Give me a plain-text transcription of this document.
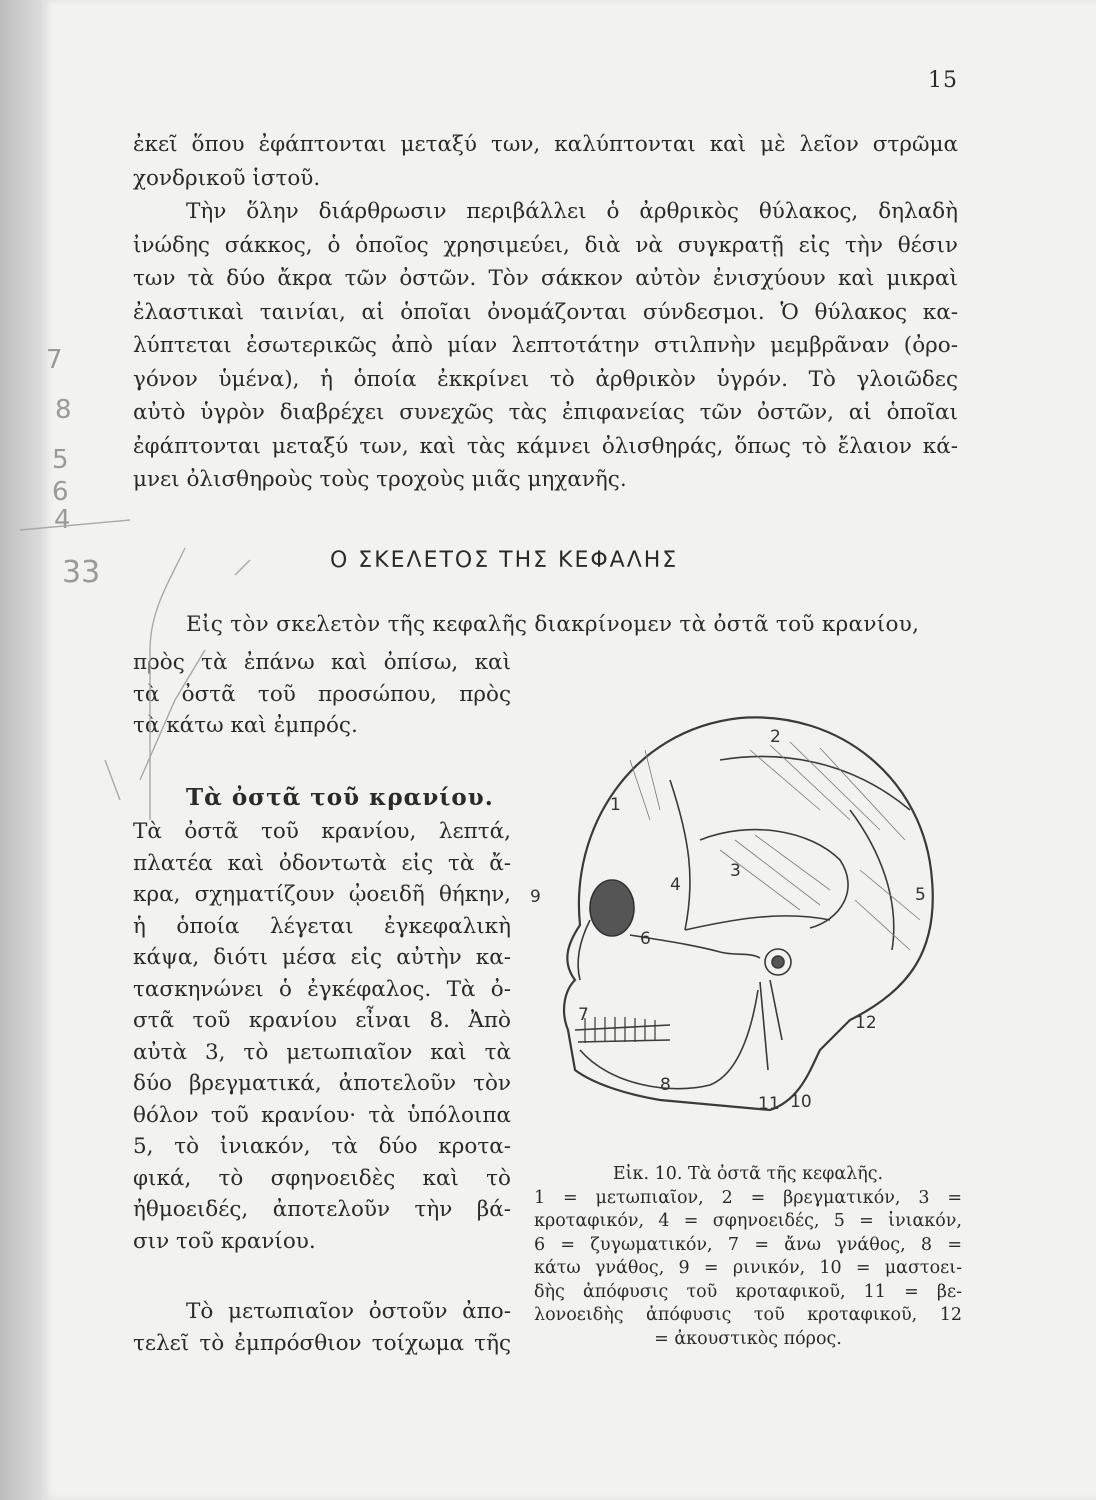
15
ἐκεῖ ὅπου ἐφάπτονται μεταξύ των, καλύπτονται καὶ μὲ λεῖον στρῶμα
χονδρικοῦ ἱστοῦ.
Τὴν ὅλην διάρθρωσιν περιβάλλει ὁ ἀρθρικὸς θύλακος, δηλαδὴ
ἰνώδης σάκκος, ὁ ὁποῖος χρησιμεύει, διὰ νὰ συγκρατῇ εἰς τὴν θέσιν
των τὰ δύο ἄκρα τῶν ὀστῶν. Τὸν σάκκον αὐτὸν ἐνισχύουν καὶ μικραὶ
ἐλαστικαὶ ταινίαι, αἱ ὁποῖαι ὀνομάζονται σύνδεσμοι. Ὁ θύλακος κα-
λύπτεται ἐσωτερικῶς ἀπὸ μίαν λεπτοτάτην στιλπνὴν μεμβρᾶναν (ὀρο-
γόνον ὑμένα), ἡ ὁποία ἐκκρίνει τὸ ἀρθρικὸν ὑγρόν. Τὸ γλοιῶδες
αὐτὸ ὑγρὸν διαβρέχει συνεχῶς τὰς ἐπιφανείας τῶν ὀστῶν, αἱ ὁποῖαι
ἐφάπτονται μεταξύ των, καὶ τὰς κάμνει ὀλισθηράς, ὅπως τὸ ἔλαιον κά-
μνει ὀλισθηροὺς τοὺς τροχοὺς μιᾶς μηχανῆς.
Ο ΣΚΕΛΕΤΟΣ ΤΗΣ ΚΕΦΑΛΗΣ
Εἰς τὸν σκελετὸν τῆς κεφαλῆς διακρίνομεν τὰ ὀστᾶ τοῦ κρανίου,
πρὸς τὰ ἐπάνω καὶ ὀπίσω, καὶ
τὰ ὀστᾶ τοῦ προσώπου, πρὸς
τὰ κάτω καὶ ἐμπρός.
Τὰ ὀστᾶ τοῦ κρανίου.
Τὰ ὀστᾶ τοῦ κρανίου, λεπτά,
πλατέα καὶ ὀδοντωτὰ εἰς τὰ ἄ-
κρα, σχηματίζουν ᾠοειδῆ θήκην,
ἡ ὁποία λέγεται ἐγκεφαλικὴ
κάψα, διότι μέσα εἰς αὐτὴν κα-
τασκηνώνει ὁ ἐγκέφαλος. Τὰ ὀ-
στᾶ τοῦ κρανίου εἶναι 8. Ἀπὸ
αὐτὰ 3, τὸ μετωπιαῖον καὶ τὰ
δύο βρεγματικά, ἀποτελοῦν τὸν
θόλον τοῦ κρανίου· τὰ ὑπόλοιπα
5, τὸ ἰνιακόν, τὰ δύο κροτα-
φικά, τὸ σφηνοειδὲς καὶ τὸ
ἠθμοειδές, ἀποτελοῦν τὴν βά-
σιν τοῦ κρανίου.
Τὸ μετωπιαῖον ὀστοῦν ἀπο-
τελεῖ τὸ ἐμπρόσθιον τοίχωμα τῆς
1
2
3
4	5
6
7
8
9
10
11
12
Εἰκ. 10. Τὰ ὀστᾶ τῆς κεφαλῆς.
1 = μετωπιαῖον, 2 = βρεγματικόν, 3 =
κροταφικόν, 4 = σφηνοειδές, 5 = ἰνιακόν,
6 = ζυγωματικόν, 7 = ἄνω γνάθος, 8 =
κάτω γνάθος, 9 = ρινικόν, 10 = μαστοει-
δὴς ἀπόφυσις τοῦ κροταφικοῦ, 11 = βε-
λονοειδὴς ἀπόφυσις τοῦ κροταφικοῦ, 12
= ἀκουστικὸς πόρος.
7
8
5
6
4
33
